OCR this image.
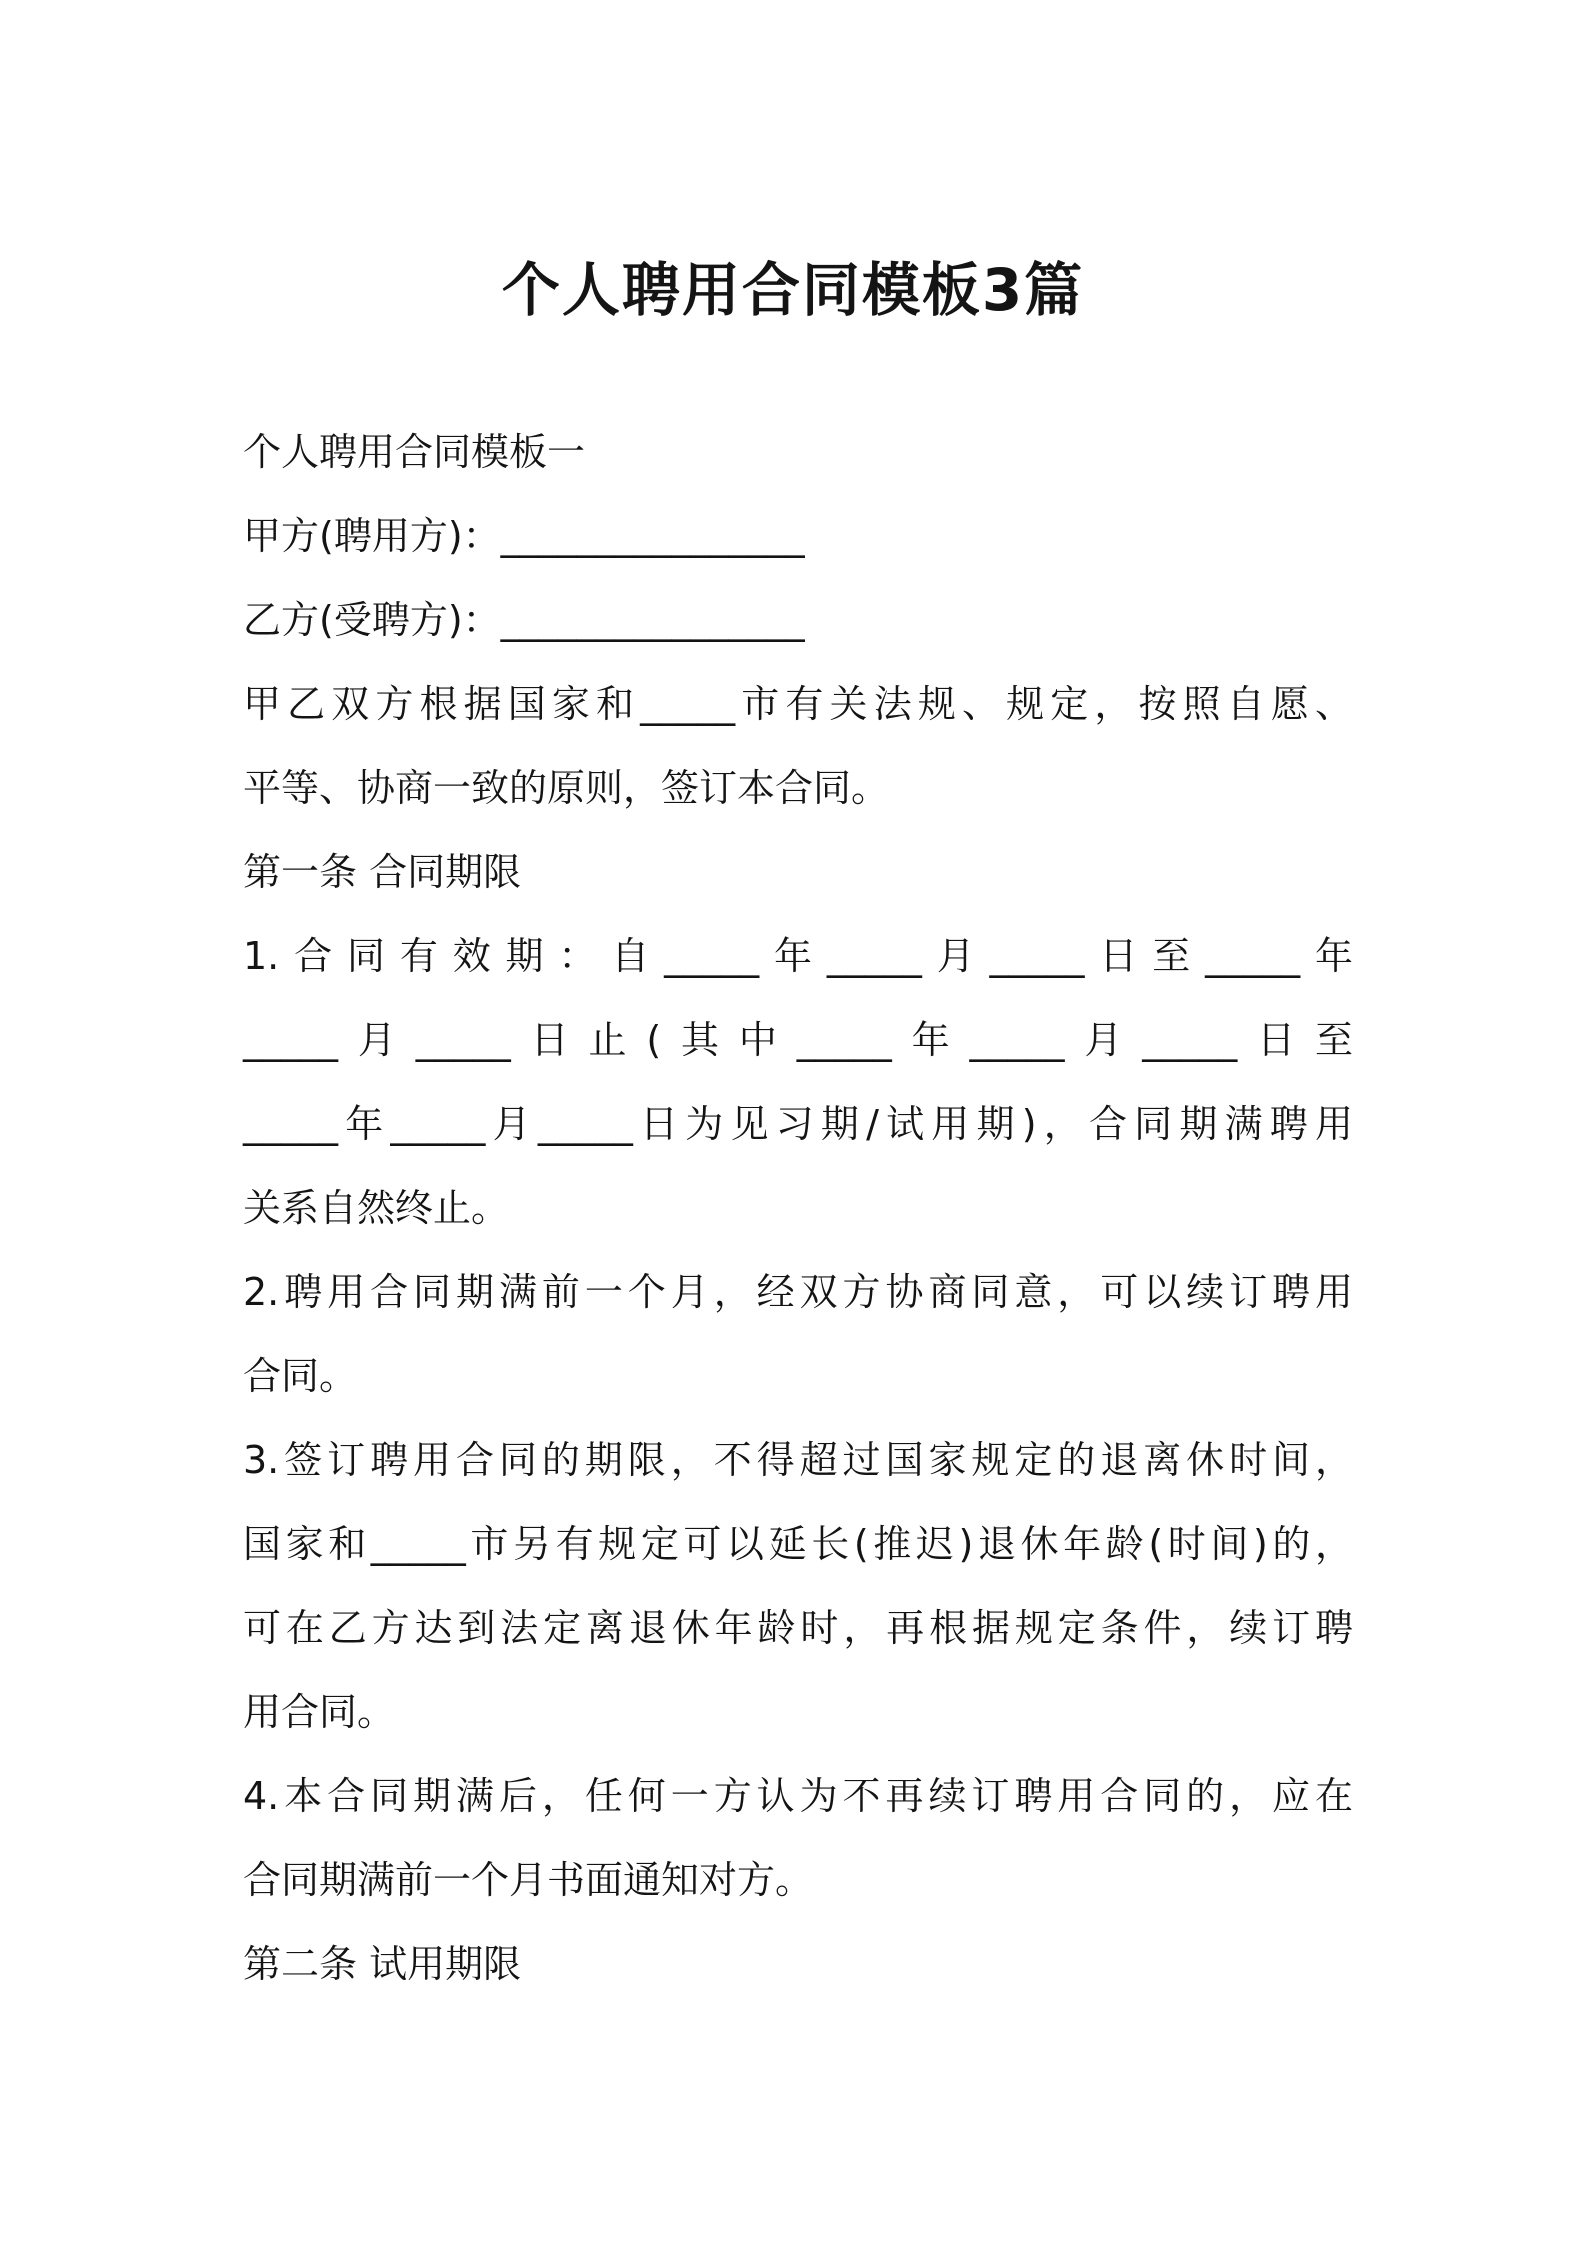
个人聘用合同模板3篇

个人聘用合同模板一

甲方(聘用方)：________________

乙方(受聘方)：________________

甲乙双方根据国家和_____市有关法规、规定，按照自愿、

平等、协商一致的原则，签订本合同。

第一条 合同期限

1.合同有效期：自_____年_____月_____日至_____年

_____月_____日止(其中_____年_____月_____日至

_____年_____月_____日为见习期/试用期)，合同期满聘用

关系自然终止。

2.聘用合同期满前一个月，经双方协商同意，可以续订聘用

合同。

3.签订聘用合同的期限，不得超过国家规定的退离休时间，

国家和_____市另有规定可以延长(推迟)退休年龄(时间)的，

可在乙方达到法定离退休年龄时，再根据规定条件，续订聘

用合同。

4.本合同期满后，任何一方认为不再续订聘用合同的，应在

合同期满前一个月书面通知对方。

第二条 试用期限
